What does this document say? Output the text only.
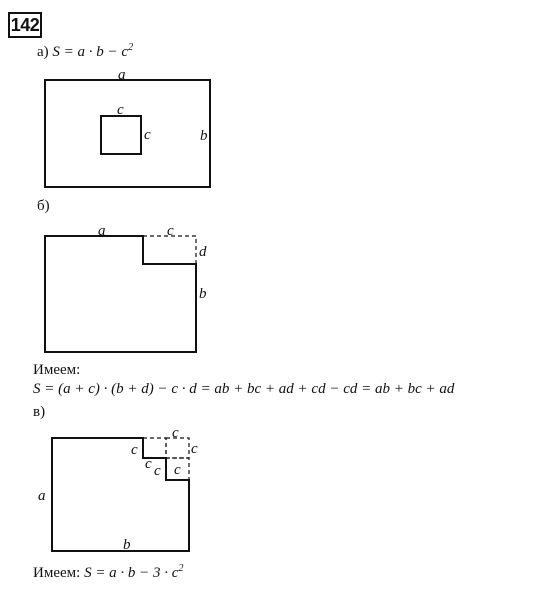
142
а) $S = a \cdot b - c^2$
б)
Имеем:
S = (a + c) · (b + d) − c · d = ab + bc + ad + cd − cd = ab + bc + ad
в)
Имеем: $S = a \cdot b - 3 \cdot c^2$
a
b
c
c
a	c
d
b
c
c
c
c c c
a
b
